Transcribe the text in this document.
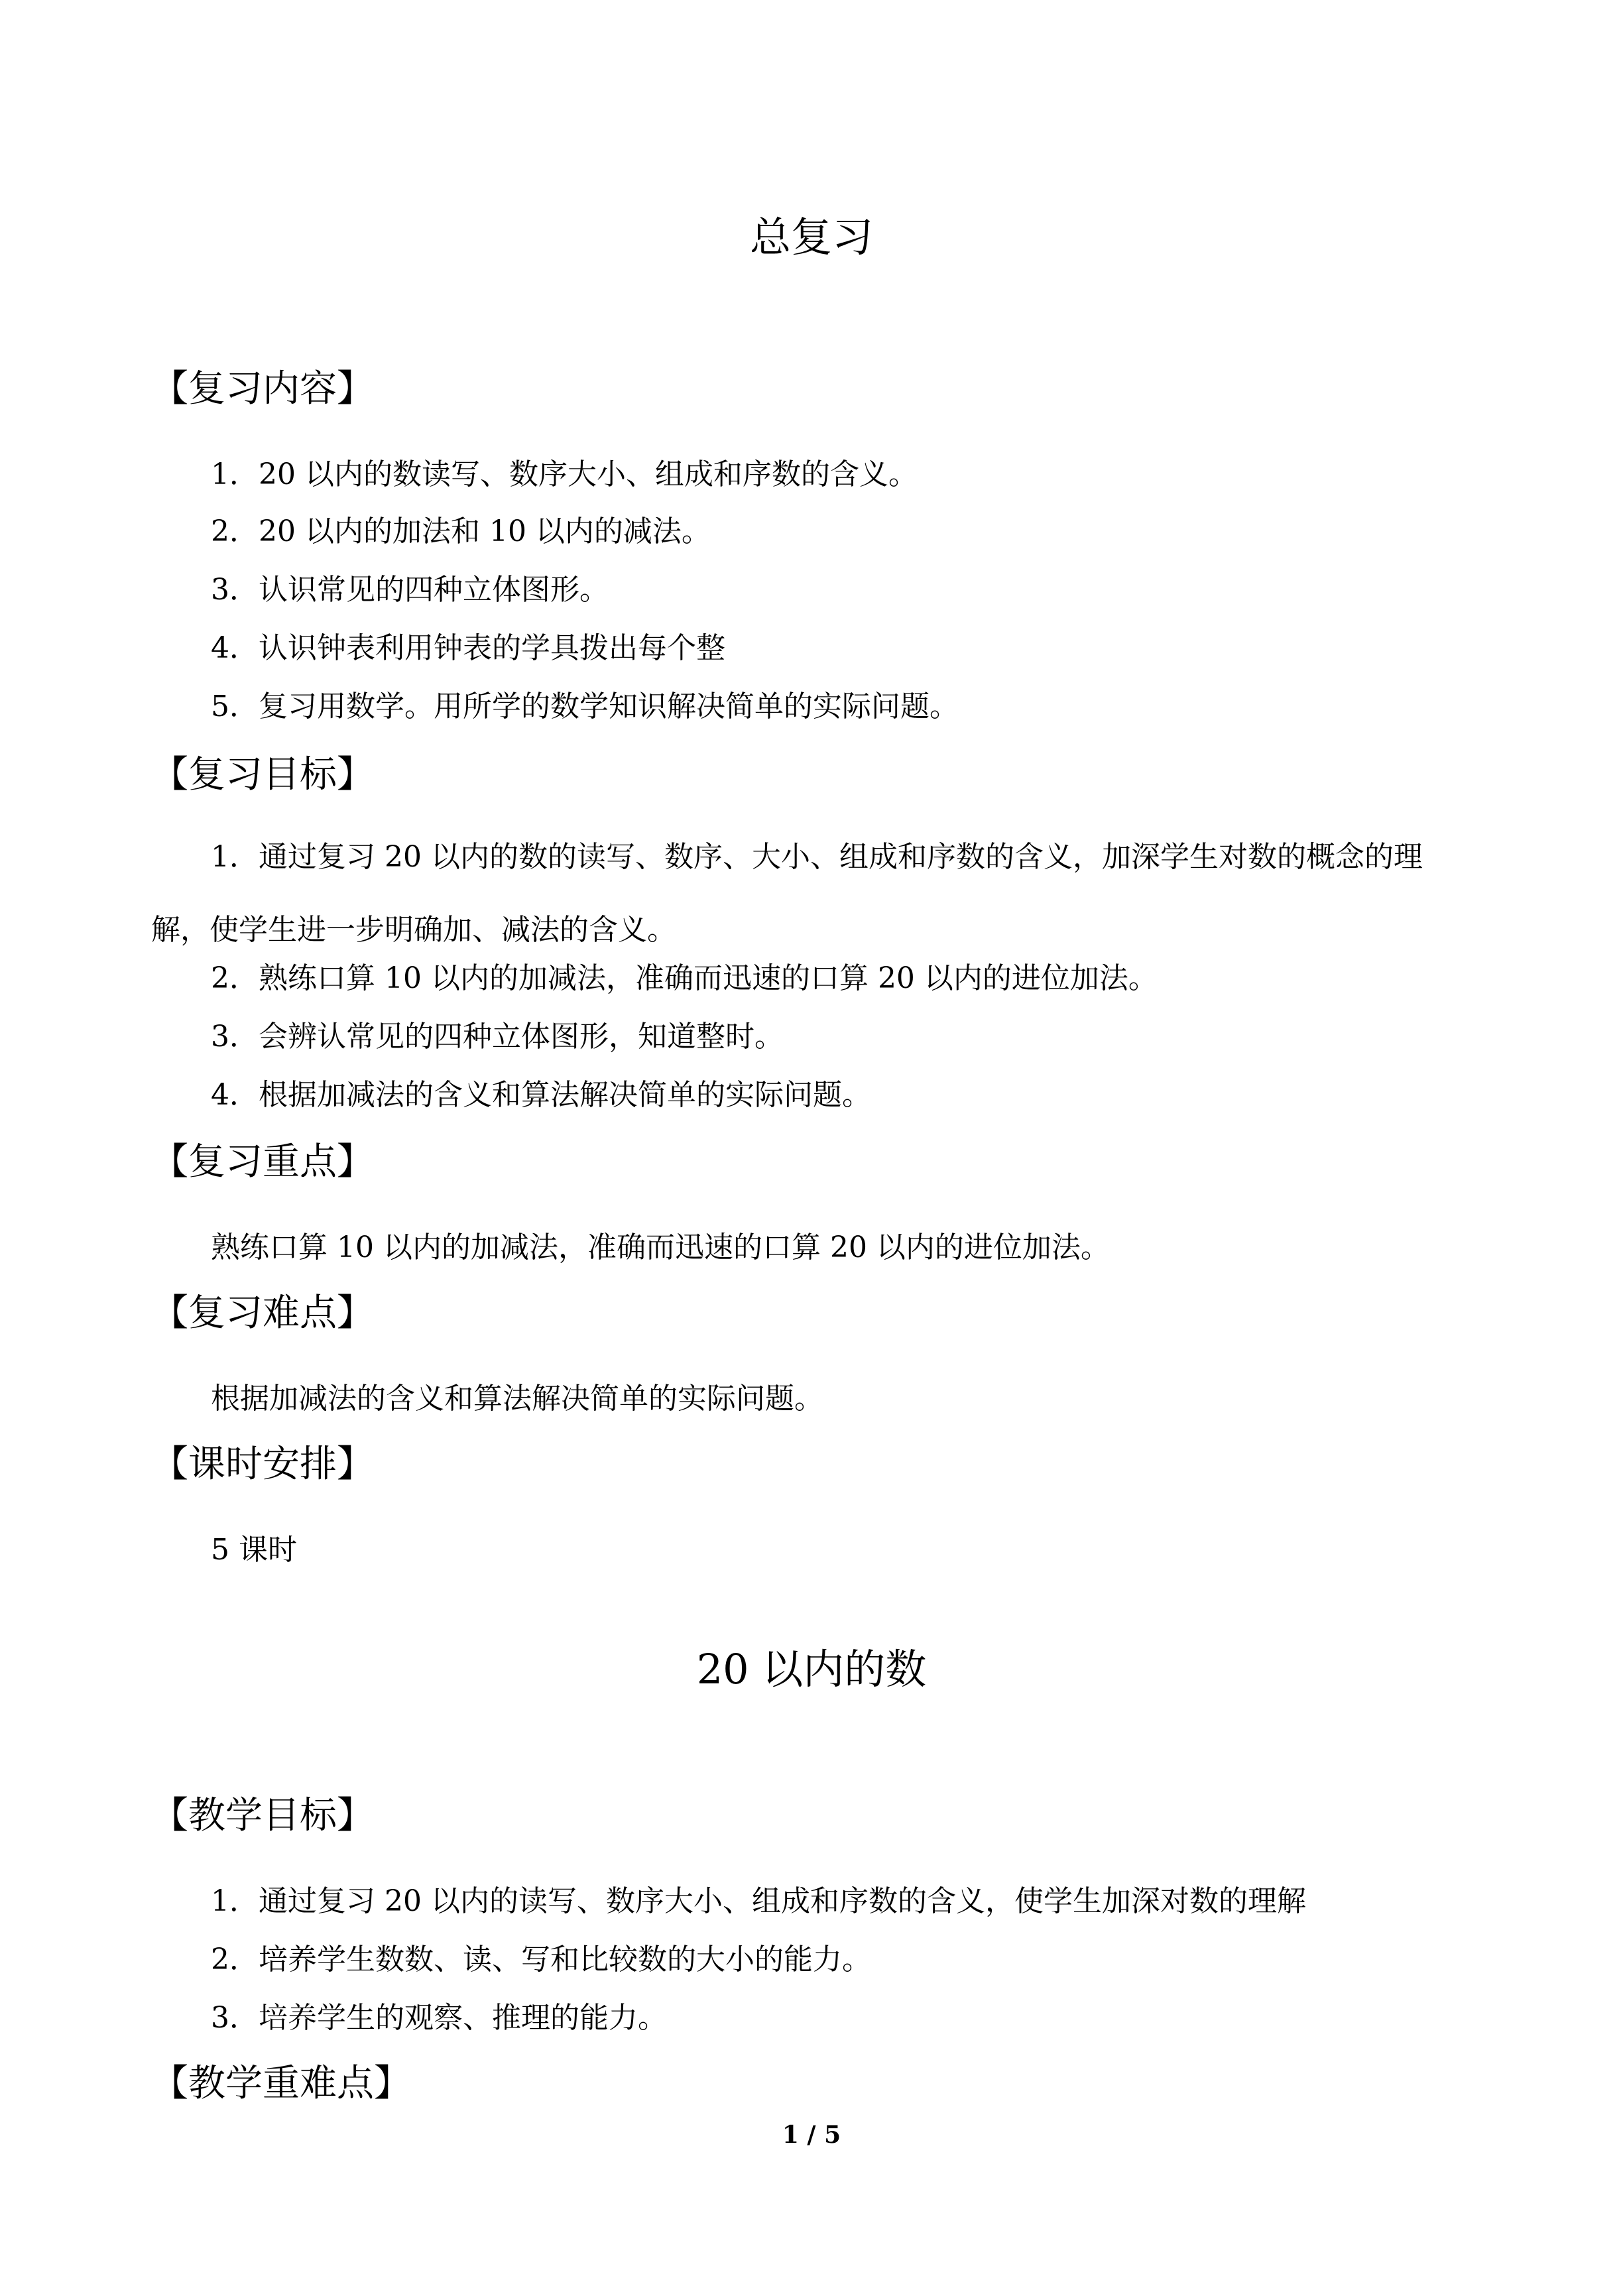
总复习
【复习内容】

1．20 以内的数读写、数序大小、组成和序数的含义。

2．20 以内的加法和 10 以内的减法。

3．认识常见的四种立体图形。

4．认识钟表利用钟表的学具拨出每个整

5．复习用数学。用所学的数学知识解决简单的实际问题。

【复习目标】

1．通过复习 20 以内的数的读写、数序、大小、组成和序数的含义，加深学生对数的概念的理解，使学生进一步明确加、减法的含义。

2．熟练口算 10 以内的加减法，准确而迅速的口算 20 以内的进位加法。

3．会辨认常见的四种立体图形，知道整时。

4．根据加减法的含义和算法解决简单的实际问题。

【复习重点】

熟练口算 10 以内的加减法，准确而迅速的口算 20 以内的进位加法。

【复习难点】

根据加减法的含义和算法解决简单的实际问题。

【课时安排】

5 课时

20 以内的数
【教学目标】

1．通过复习 20 以内的读写、数序大小、组成和序数的含义，使学生加深对数的理解

2．培养学生数数、读、写和比较数的大小的能力。

3．培养学生的观察、推理的能力。

【教学重难点】

1 / 5
